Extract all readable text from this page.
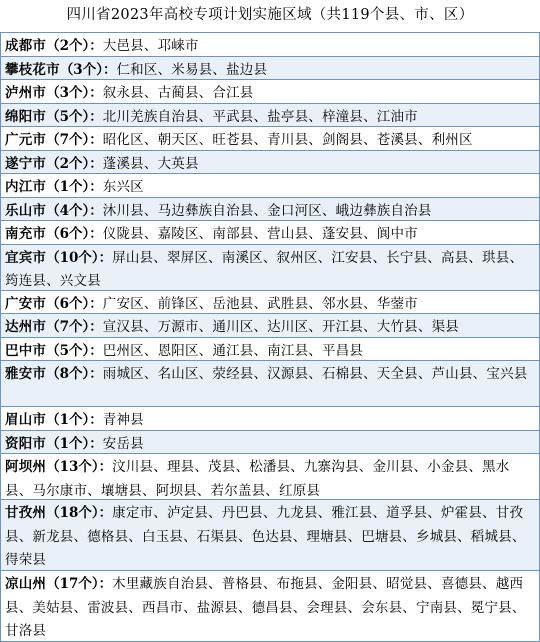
四川省2023年高校专项计划实施区域（共119个县、市、区）
成都市（2个）：大邑县、邛崃市
攀枝花市（3个）：仁和区、米易县、盐边县
泸州市（3个）：叙永县、古蔺县、合江县
绵阳市（5个）：北川羌族自治县、平武县、盐亭县、梓潼县、江油市
广元市（7个）：昭化区、朝天区、旺苍县、青川县、剑阁县、苍溪县、利州区
遂宁市（2个）：蓬溪县、大英县
内江市（1个）：东兴区
乐山市（4个）：沐川县、马边彝族自治县、金口河区、峨边彝族自治县
南充市（6个）：仪陇县、嘉陵区、南部县、营山县、蓬安县、阆中市
宜宾市（10个）：屏山县、翠屏区、南溪区、叙州区、江安县、长宁县、高县、珙县、筠连县、兴文县
广安市（6个）：广安区、前锋区、岳池县、武胜县、邻水县、华蓥市
达州市（7个）：宣汉县、万源市、通川区、达川区、开江县、大竹县、渠县
巴中市（5个）：巴州区、恩阳区、通江县、南江县、平昌县
雅安市（8个）：雨城区、名山区、荥经县、汉源县、石棉县、天全县、芦山县、宝兴县
眉山市（1个）：青神县
资阳市（1个）：安岳县
阿坝州（13个）：汶川县、理县、茂县、松潘县、九寨沟县、金川县、小金县、黑水县、马尔康市、壤塘县、阿坝县、若尔盖县、红原县
甘孜州（18个）：康定市、泸定县、丹巴县、九龙县、雅江县、道孚县、炉霍县、甘孜县、新龙县、德格县、白玉县、石渠县、色达县、理塘县、巴塘县、乡城县、稻城县、得荣县
凉山州（17个）：木里藏族自治县、普格县、布拖县、金阳县、昭觉县、喜德县、越西县、美姑县、雷波县、西昌市、盐源县、德昌县、会理县、会东县、宁南县、冕宁县、甘洛县
